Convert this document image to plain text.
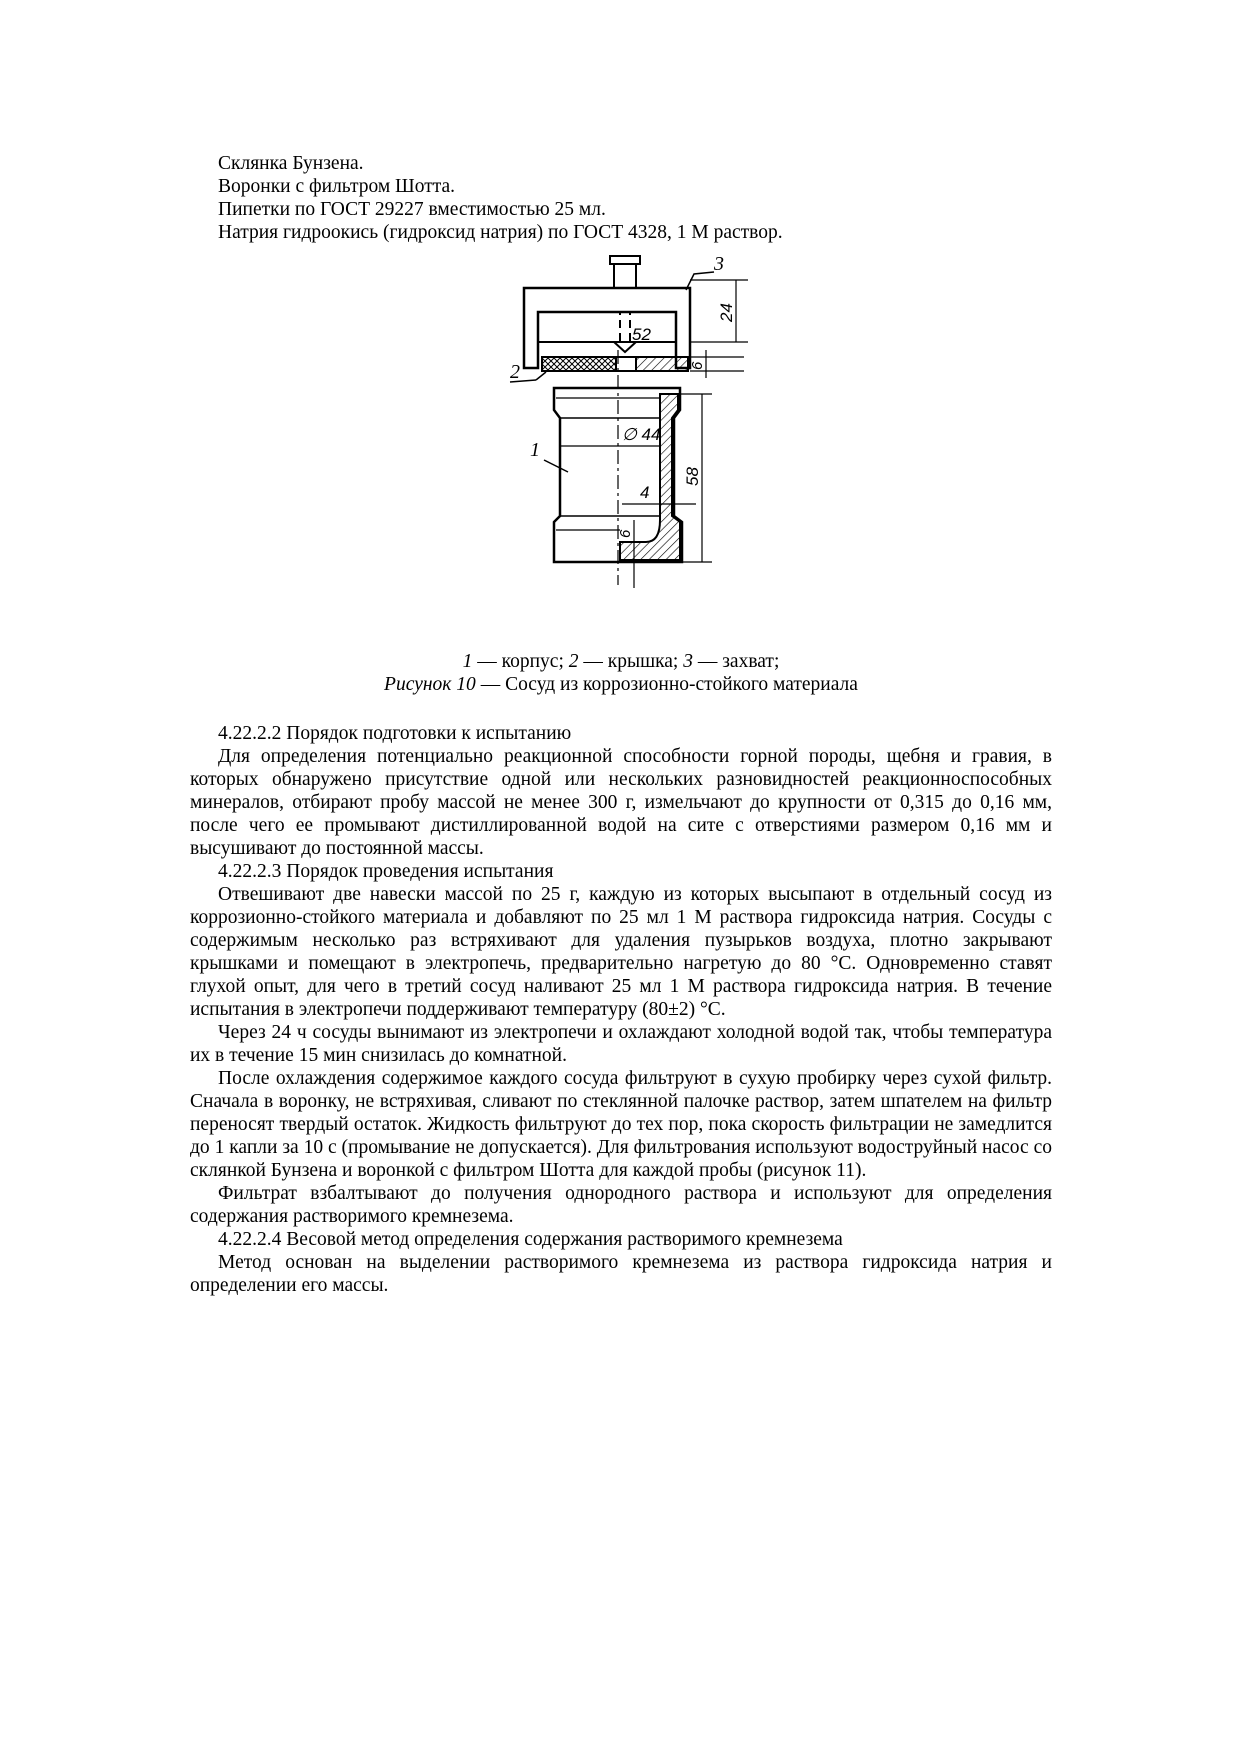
Склянка Бунзена.
Воронки с фильтром Шотта.
Пипетки по ГОСТ 29227 вместимостью 25 мл.
Натрия гидроокись (гидроксид натрия) по ГОСТ 4328, 1 М раствор.
3
52
24
2	6
∅ 44
1
58
4
6
1 — корпус; 2 — крышка; 3 — захват;
Рисунок 10 — Сосуд из коррозионно-стойкого материала

4.22.2.2 Порядок подготовки к испытанию

Для определения потенциально реакционной способности горной породы, щебня и гравия, в которых обнаружено присутствие одной или нескольких разновидностей реакционноспособных минералов, отбирают пробу массой не менее 300 г, измельчают до крупности от 0,315 до 0,16 мм, после чего ее промывают дистиллированной водой на сите с отверстиями размером 0,16 мм и высушивают до постоянной массы.

4.22.2.3 Порядок проведения испытания

Отвешивают две навески массой по 25 г, каждую из которых высыпают в отдельный сосуд из коррозионно-стойкого материала и добавляют по 25 мл 1 М раствора гидроксида натрия. Сосуды с содержимым несколько раз встряхивают для удаления пузырьков воздуха, плотно закрывают крышками и помещают в электропечь, предварительно нагретую до 80 °С. Одновременно ставят глухой опыт, для чего в третий сосуд наливают 25 мл 1 М раствора гидроксида натрия. В течение испытания в электропечи поддерживают температуру (80±2) °С.

Через 24 ч сосуды вынимают из электропечи и охлаждают холодной водой так, чтобы температура их в течение 15 мин снизилась до комнатной.

После охлаждения содержимое каждого сосуда фильтруют в сухую пробирку через сухой фильтр. Сначала в воронку, не встряхивая, сливают по стеклянной палочке раствор, затем шпателем на фильтр переносят твердый остаток. Жидкость фильтруют до тех пор, пока скорость фильтрации не замедлится до 1 капли за 10 с (промывание не допускается). Для фильтрования используют водоструйный насос со склянкой Бунзена и воронкой с фильтром Шотта для каждой пробы (рисунок 11).

Фильтрат взбалтывают до получения однородного раствора и используют для определения содержания растворимого кремнезема.

4.22.2.4 Весовой метод определения содержания растворимого кремнезема

Метод основан на выделении растворимого кремнезема из раствора гидроксида натрия и определении его массы.
